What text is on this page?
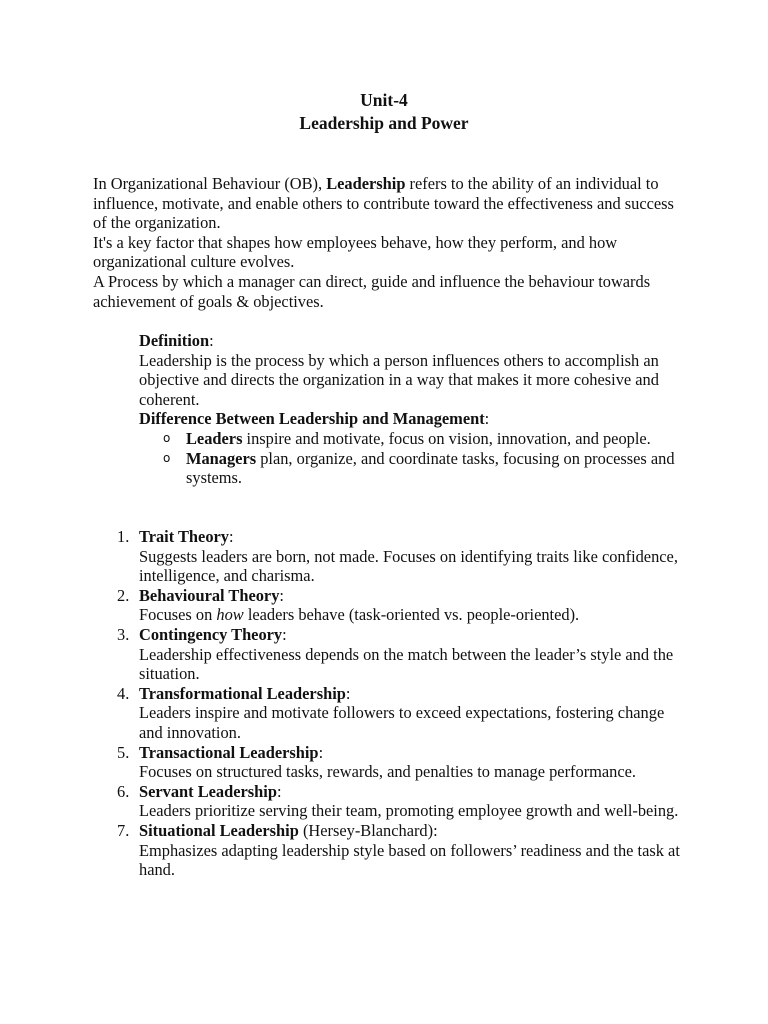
Unit-4
Leadership and Power

In Organizational Behaviour (OB), Leadership refers to the ability of an individual to influence, motivate, and enable others to contribute toward the effectiveness and success of the organization.

It's a key factor that shapes how employees behave, how they perform, and how organizational culture evolves.

A Process by which a manager can direct, guide and influence the behaviour towards achievement of goals & objectives.

Definition:

Leadership is the process by which a person influences others to accomplish an objective and directs the organization in a way that makes it more cohesive and coherent.

Difference Between Leadership and Management:

o Leaders inspire and motivate, focus on vision, innovation, and people.
o Managers plan, organize, and coordinate tasks, focusing on processes and systems.
1. Trait Theory:
Suggests leaders are born, not made. Focuses on identifying traits like confidence, intelligence, and charisma.
2. Behavioural Theory:
Focuses on how leaders behave (task-oriented vs. people-oriented).
3. Contingency Theory:
Leadership effectiveness depends on the match between the leader’s style and the situation.
4. Transformational Leadership:
Leaders inspire and motivate followers to exceed expectations, fostering change and innovation.
5. Transactional Leadership:
Focuses on structured tasks, rewards, and penalties to manage performance.
6. Servant Leadership:
Leaders prioritize serving their team, promoting employee growth and well-being.
7. Situational Leadership (Hersey-Blanchard):
Emphasizes adapting leadership style based on followers’ readiness and the task at hand.
